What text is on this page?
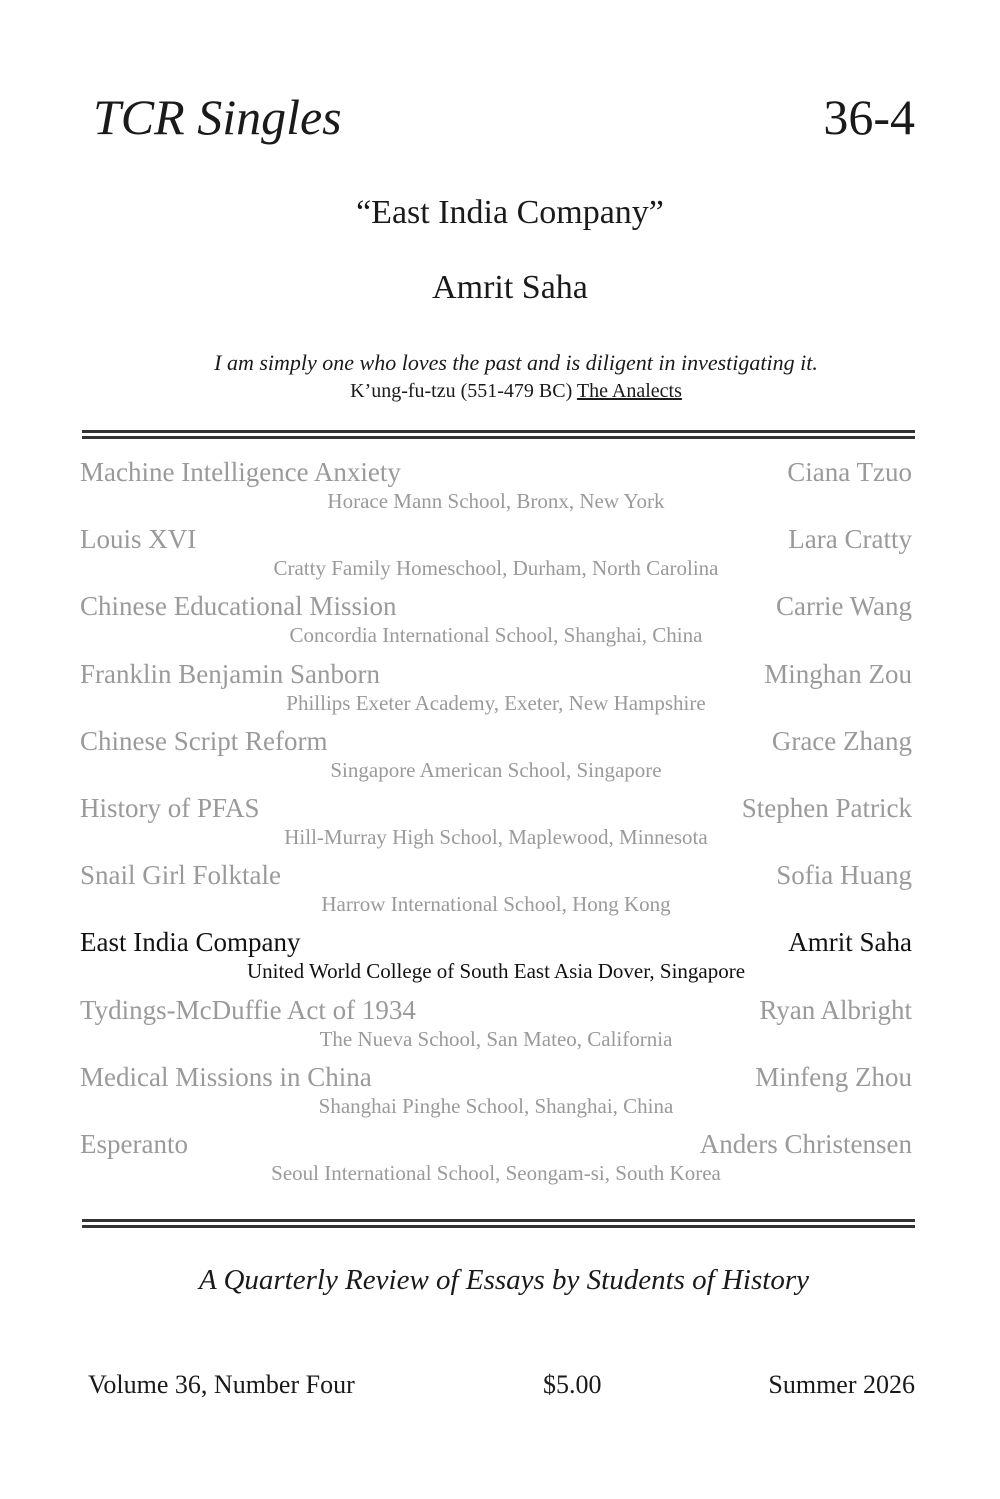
TCR Singles	36-4
“East India Company”
Amrit Saha
I am simply one who loves the past and is diligent in investigating it.
K’ung-fu-tzu (551-479 BC) The Analects
Machine Intelligence Anxiety	Ciana Tzuo
Horace Mann School, Bronx, New York
Louis XVI	Lara Cratty
Cratty Family Homeschool, Durham, North Carolina
Chinese Educational Mission	Carrie Wang
Concordia International School, Shanghai, China
Franklin Benjamin Sanborn	Minghan Zou
Phillips Exeter Academy, Exeter, New Hampshire
Chinese Script Reform	Grace Zhang
Singapore American School, Singapore
History of PFAS	Stephen Patrick
Hill-Murray High School, Maplewood, Minnesota
Snail Girl Folktale	Sofia Huang
Harrow International School, Hong Kong
East India Company	Amrit Saha
United World College of South East Asia Dover, Singapore
Tydings-McDuffie Act of 1934	Ryan Albright
The Nueva School, San Mateo, California
Medical Missions in China	Minfeng Zhou
Shanghai Pinghe School, Shanghai, China
Esperanto	Anders Christensen
Seoul International School, Seongam-si, South Korea
A Quarterly Review of Essays by Students of History
Volume 36, Number Four	$5.00	Summer 2026
